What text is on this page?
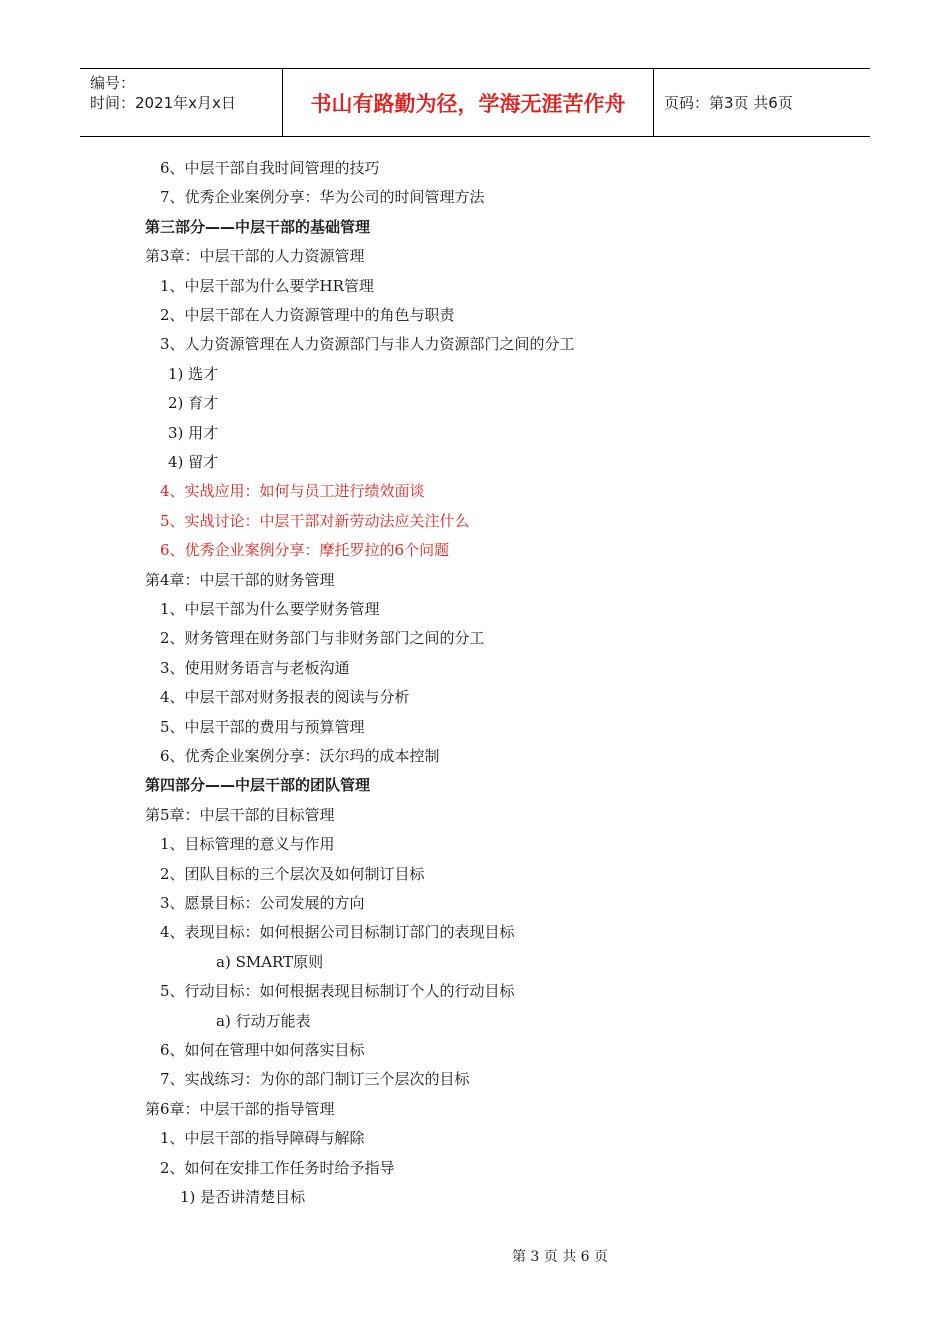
编号：
时间：2021年x月x日	书山有路勤为径，学海无涯苦作舟	页码：第3页 共6页
6、中层干部自我时间管理的技巧
7、优秀企业案例分享：华为公司的时间管理方法
第三部分——中层干部的基础管理
第3章：中层干部的人力资源管理
1、中层干部为什么要学HR管理
2、中层干部在人力资源管理中的角色与职责
3、人力资源管理在人力资源部门与非人力资源部门之间的分工
1) 选才
2) 育才
3) 用才
4) 留才
4、实战应用：如何与员工进行绩效面谈
5、实战讨论：中层干部对新劳动法应关注什么
6、优秀企业案例分享：摩托罗拉的6个问题
第4章：中层干部的财务管理
1、中层干部为什么要学财务管理
2、财务管理在财务部门与非财务部门之间的分工
3、使用财务语言与老板沟通
4、中层干部对财务报表的阅读与分析
5、中层干部的费用与预算管理
6、优秀企业案例分享：沃尔玛的成本控制
第四部分——中层干部的团队管理
第5章：中层干部的目标管理
1、目标管理的意义与作用
2、团队目标的三个层次及如何制订目标
3、愿景目标：公司发展的方向
4、表现目标：如何根据公司目标制订部门的表现目标
a) SMART原则
5、行动目标：如何根据表现目标制订个人的行动目标
a) 行动万能表
6、如何在管理中如何落实目标
7、实战练习：为你的部门制订三个层次的目标
第6章：中层干部的指导管理
1、中层干部的指导障碍与解除
2、如何在安排工作任务时给予指导
1) 是否讲清楚目标
第 3 页 共 6 页
